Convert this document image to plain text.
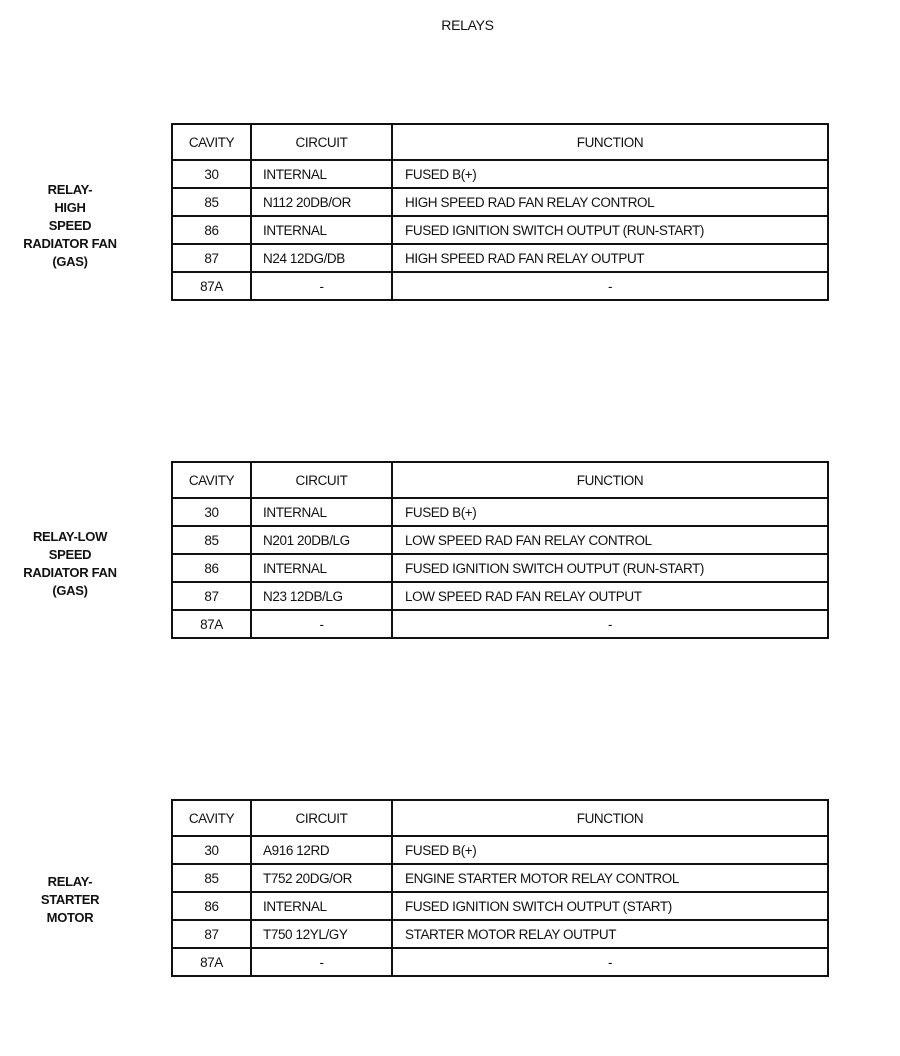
RELAYS
RELAY-
HIGH
SPEED
RADIATOR FAN
(GAS)
CAVITY	CIRCUIT	FUNCTION
30	INTERNAL	FUSED B(+)
85	N112 20DB/OR	HIGH SPEED RAD FAN RELAY CONTROL
86	INTERNAL	FUSED IGNITION SWITCH OUTPUT (RUN-START)
87	N24 12DG/DB	HIGH SPEED RAD FAN RELAY OUTPUT
87A	-	-
RELAY-LOW
SPEED
RADIATOR FAN
(GAS)
CAVITY	CIRCUIT	FUNCTION
30	INTERNAL	FUSED B(+)
85	N201 20DB/LG	LOW SPEED RAD FAN RELAY CONTROL
86	INTERNAL	FUSED IGNITION SWITCH OUTPUT (RUN-START)
87	N23 12DB/LG	LOW SPEED RAD FAN RELAY OUTPUT
87A	-	-
RELAY-
STARTER
MOTOR
CAVITY	CIRCUIT	FUNCTION
30	A916 12RD	FUSED B(+)
85	T752 20DG/OR	ENGINE STARTER MOTOR RELAY CONTROL
86	INTERNAL	FUSED IGNITION SWITCH OUTPUT (START)
87	T750 12YL/GY	STARTER MOTOR RELAY OUTPUT
87A	-	-
